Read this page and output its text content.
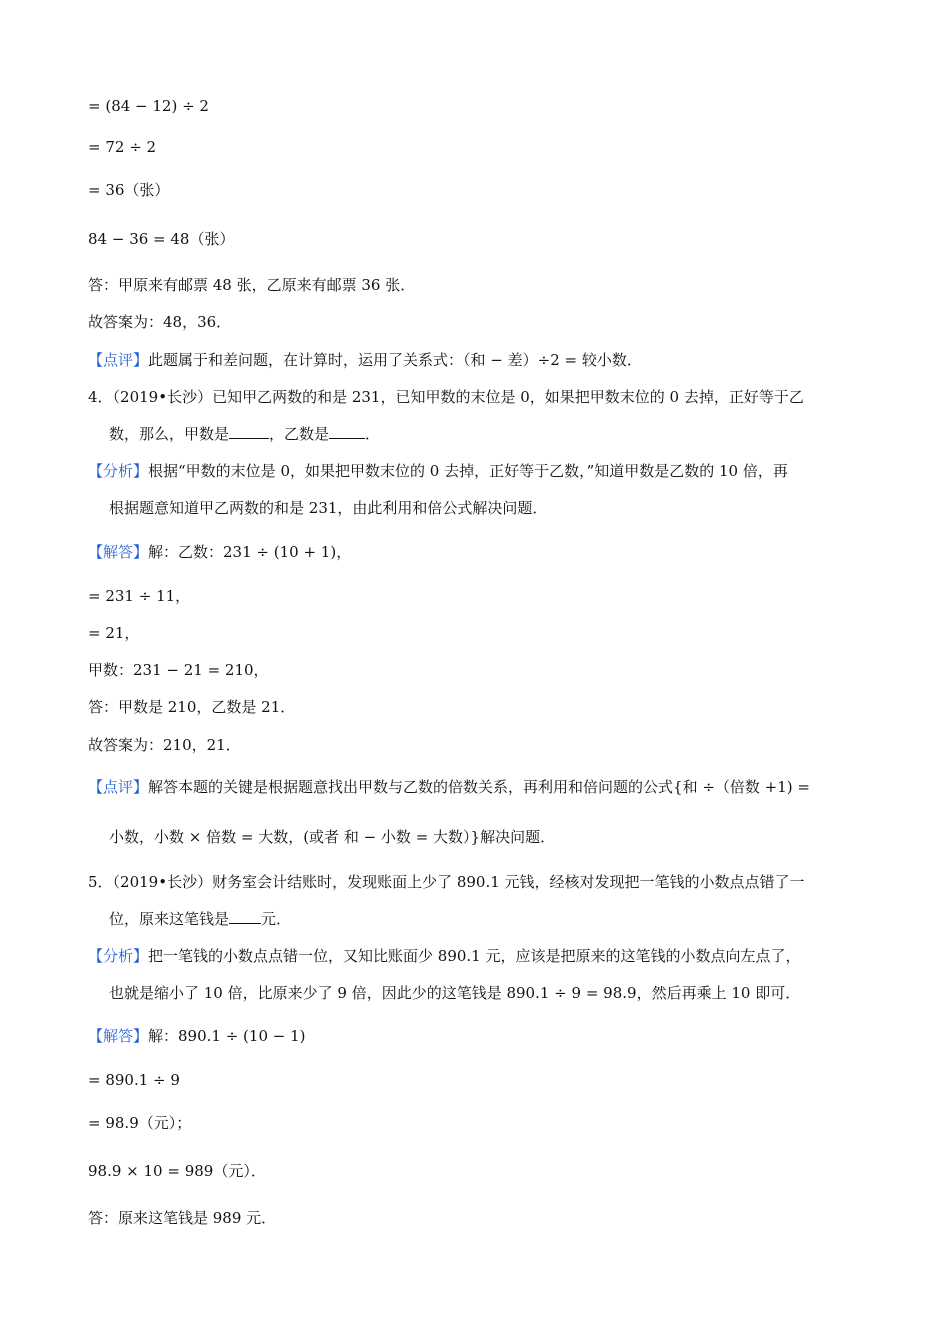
= (84 − 12) ÷ 2
= 72 ÷ 2
= 36（张）
84 − 36 = 48（张）
答：甲原来有邮票 48 张，乙原来有邮票 36 张．
故答案为：48，36．
【点评】此题属于和差问题，在计算时，运用了关系式：（和 − 差）÷2 = 较小数．
4．（2019•长沙）已知甲乙两数的和是 231，已知甲数的末位是 0，如果把甲数末位的 0 去掉，正好等于乙
数，那么，甲数是	，乙数是 ．
【分析】根据“甲数的末位是 0，如果把甲数末位的 0 去掉，正好等于乙数，”知道甲数是乙数的 10 倍，再
根据题意知道甲乙两数的和是 231，由此利用和倍公式解决问题．
【解答】解：乙数：231 ÷ (10 + 1)，
= 231 ÷ 11，
= 21，
甲数：231 − 21 = 210，
答：甲数是 210，乙数是 21．
故答案为：210，21．
【点评】解答本题的关键是根据题意找出甲数与乙数的倍数关系，再利用和倍问题的公式{和 ÷（倍数 +1) =
小数，小数 × 倍数 = 大数，(或者 和 − 小数 = 大数）}解决问题．
5．（2019•长沙）财务室会计结账时，发现账面上少了 890.1 元钱，经核对发现把一笔钱的小数点点错了一
位，原来这笔钱是 元．
【分析】把一笔钱的小数点点错一位，又知比账面少 890.1 元，应该是把原来的这笔钱的小数点向左点了，
也就是缩小了 10 倍，比原来少了 9 倍，因此少的这笔钱是 890.1 ÷ 9 = 98.9，然后再乘上 10 即可．
【解答】解：890.1 ÷ (10 − 1)
= 890.1 ÷ 9
= 98.9（元）；
98.9 × 10 = 989（元）．
答：原来这笔钱是 989 元．
